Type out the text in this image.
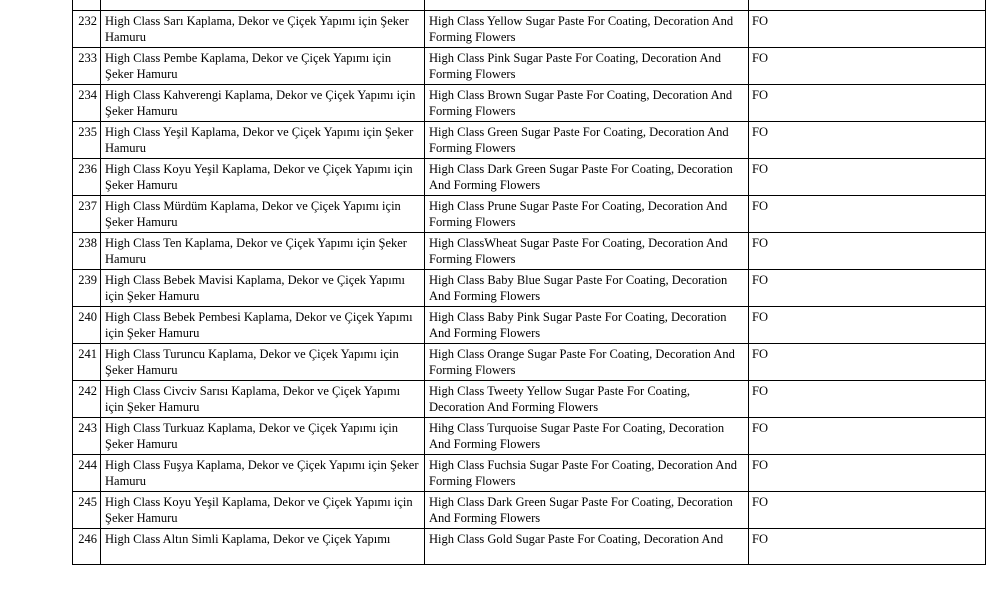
232	High Class Sarı Kaplama, Dekor ve Çiçek Yapımı için Şeker Hamuru	High Class Yellow Sugar Paste For Coating, Decoration And Forming Flowers	FO
233	High Class Pembe Kaplama, Dekor ve Çiçek Yapımı için Şeker Hamuru	High Class Pink Sugar Paste For Coating, Decoration And Forming Flowers	FO
234	High Class Kahverengi Kaplama, Dekor ve Çiçek Yapımı için Şeker Hamuru	High Class Brown Sugar Paste For Coating, Decoration And Forming Flowers	FO
235	High Class Yeşil Kaplama, Dekor ve Çiçek Yapımı için Şeker Hamuru	High Class Green Sugar Paste For Coating, Decoration And Forming Flowers	FO
236	High Class Koyu Yeşil Kaplama, Dekor ve Çiçek Yapımı için Şeker Hamuru	High Class Dark Green Sugar Paste For Coating, Decoration And Forming Flowers	FO
237	High Class Mürdüm Kaplama, Dekor ve Çiçek Yapımı için Şeker Hamuru	High Class Prune Sugar Paste For Coating, Decoration And Forming Flowers	FO
238	High Class Ten Kaplama, Dekor ve Çiçek Yapımı için Şeker Hamuru	High ClassWheat Sugar Paste For Coating, Decoration And Forming Flowers	FO
239	High Class Bebek Mavisi Kaplama, Dekor ve Çiçek Yapımı için Şeker Hamuru	High Class Baby Blue Sugar Paste For Coating, Decoration And Forming Flowers	FO
240	High Class Bebek Pembesi Kaplama, Dekor ve Çiçek Yapımı için Şeker Hamuru	High Class Baby Pink Sugar Paste For Coating, Decoration And Forming Flowers	FO
241	High Class Turuncu Kaplama, Dekor ve Çiçek Yapımı için Şeker Hamuru	High Class Orange Sugar Paste For Coating, Decoration And Forming Flowers	FO
242	High Class Civciv Sarısı Kaplama, Dekor ve Çiçek Yapımı için Şeker Hamuru	High Class Tweety Yellow Sugar Paste For Coating, Decoration And Forming Flowers	FO
243	High Class Turkuaz Kaplama, Dekor ve Çiçek Yapımı için Şeker Hamuru	Hihg Class Turquoise Sugar Paste For Coating, Decoration And Forming Flowers	FO
244	High Class Fuşya Kaplama, Dekor ve Çiçek Yapımı için Şeker Hamuru	High Class Fuchsia Sugar Paste For Coating, Decoration And Forming Flowers	FO
245	High Class Koyu Yeşil Kaplama, Dekor ve Çiçek Yapımı için Şeker Hamuru	High Class Dark Green Sugar Paste For Coating, Decoration And Forming Flowers	FO
246	High Class Altın Simli Kaplama, Dekor ve Çiçek Yapımı	High Class Gold Sugar Paste For Coating, Decoration And	FO
